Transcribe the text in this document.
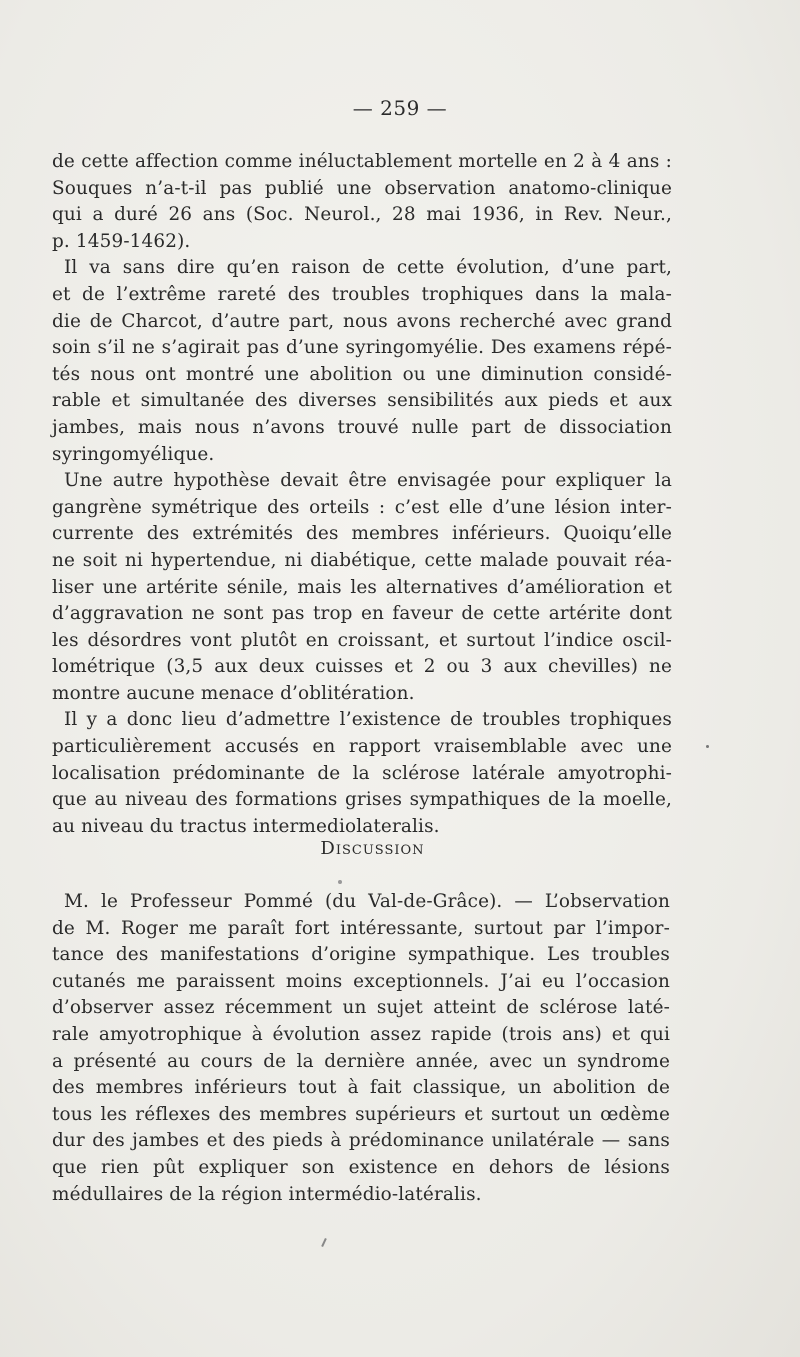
— 259 —
de cette affection comme inéluctablement mortelle en 2 à 4 ans :
Souques n’a-t-il pas publié une observation anatomo-clinique
qui a duré 26 ans (Soc. Neurol., 28 mai 1936, in Rev. Neur.,
p. 1459-1462).
Il va sans dire qu’en raison de cette évolution, d’une part,
et de l’extrême rareté des troubles trophiques dans la mala-
die de Charcot, d’autre part, nous avons recherché avec grand
soin s’il ne s’agirait pas d’une syringomyélie. Des examens répé-
tés nous ont montré une abolition ou une diminution considé-
rable et simultanée des diverses sensibilités aux pieds et aux
jambes, mais nous n’avons trouvé nulle part de dissociation
syringomyélique.
Une autre hypothèse devait être envisagée pour expliquer la
gangrène symétrique des orteils : c’est elle d’une lésion inter-
currente des extrémités des membres inférieurs. Quoiqu’elle
ne soit ni hypertendue, ni diabétique, cette malade pouvait réa-
liser une artérite sénile, mais les alternatives d’amélioration et
d’aggravation ne sont pas trop en faveur de cette artérite dont
les désordres vont plutôt en croissant, et surtout l’indice oscil-
lométrique (3,5 aux deux cuisses et 2 ou 3 aux chevilles) ne
montre aucune menace d’oblitération.
Il y a donc lieu d’admettre l’existence de troubles trophiques
particulièrement accusés en rapport vraisemblable avec une
localisation prédominante de la sclérose latérale amyotrophi-
que au niveau des formations grises sympathiques de la moelle,
au niveau du tractus intermediolateralis.
Discussion
M. le Professeur Pommé (du Val-de-Grâce). — L’observation
de M. Roger me paraît fort intéressante, surtout par l’impor-
tance des manifestations d’origine sympathique. Les troubles
cutanés me paraissent moins exceptionnels. J’ai eu l’occasion
d’observer assez récemment un sujet atteint de sclérose laté-
rale amyotrophique à évolution assez rapide (trois ans) et qui
a présenté au cours de la dernière année, avec un syndrome
des membres inférieurs tout à fait classique, un abolition de
tous les réflexes des membres supérieurs et surtout un œdème
dur des jambes et des pieds à prédominance unilatérale — sans
que rien pût expliquer son existence en dehors de lésions
médullaires de la région intermédio-latéralis.
